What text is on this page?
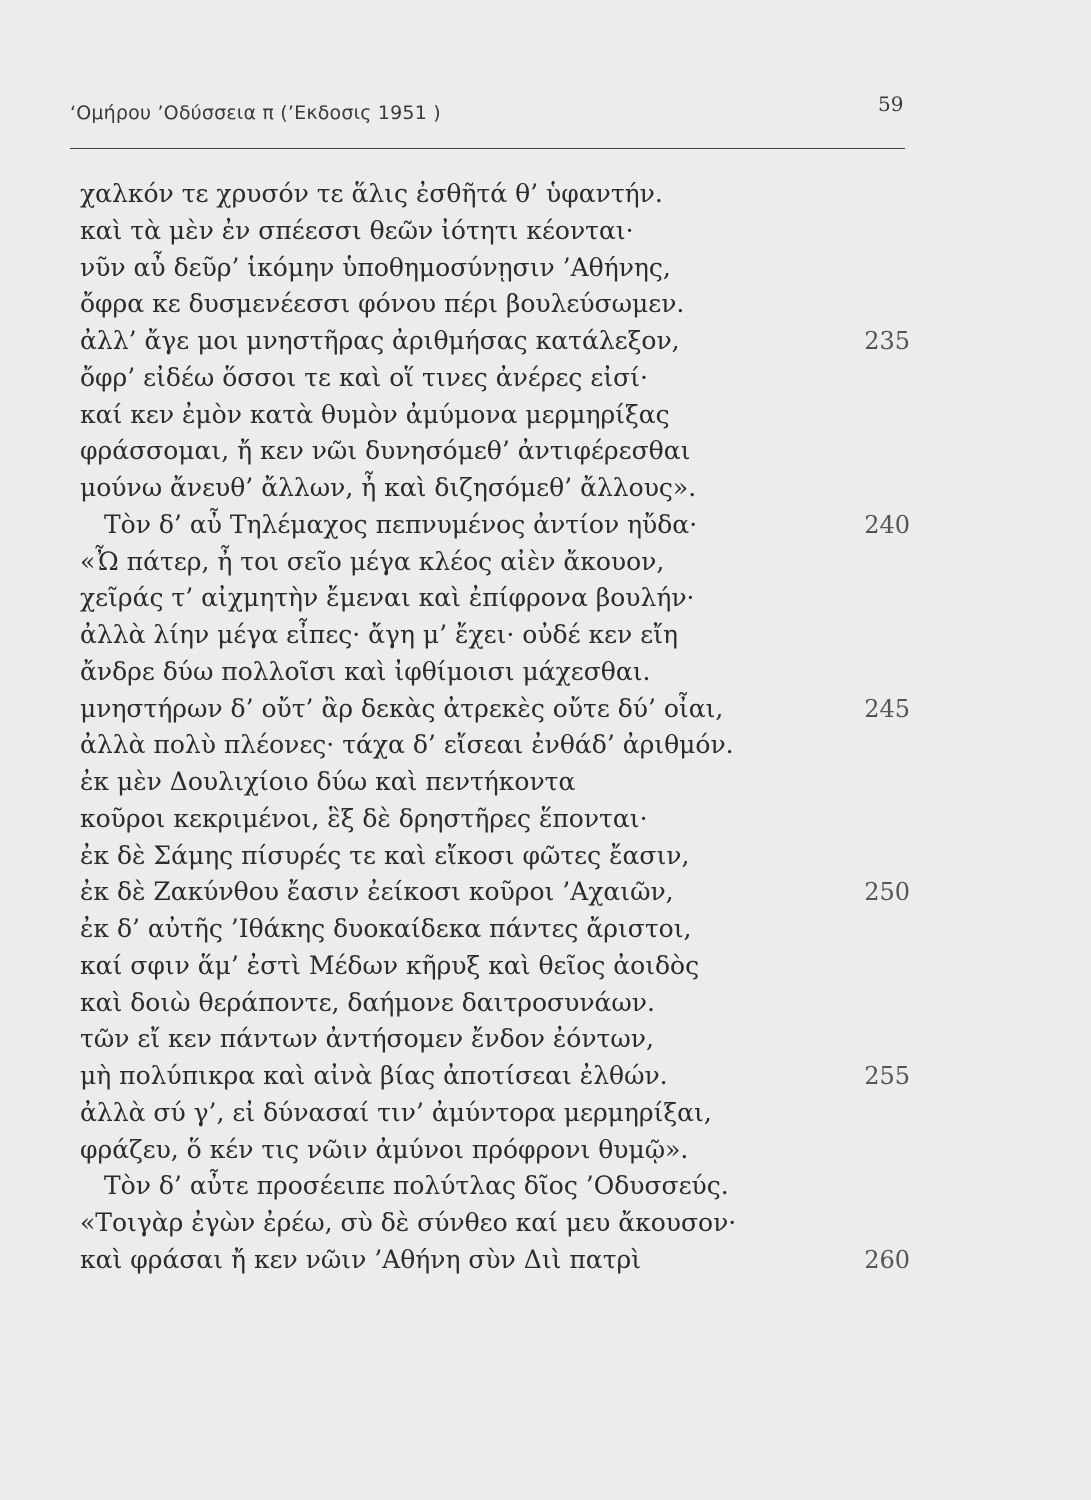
‘Ομήρου ’Οδύσσεια π (’Εκδοσις 1951 )	59
χαλκόν τε χρυσόν τε ἅλις ἐσθῆτά θ’ ὑφαντήν.
καὶ τὰ μὲν ἐν σπέεσσι θεῶν ἰότητι κέονται·
νῦν αὖ δεῦρ’ ἱκόμην ὑποθημοσύνῃσιν ’Αθήνης,
ὄφρα κε δυσμενέεσσι φόνου πέρι βουλεύσωμεν.
ἀλλ’ ἄγε μοι μνηστῆρας ἀριθμήσας κατάλεξον,
ὄφρ’ εἰδέω ὅσσοι τε καὶ οἵ τινες ἀνέρες εἰσί·
καί κεν ἐμὸν κατὰ θυμὸν ἀμύμονα μερμηρίξας
φράσσομαι, ἤ κεν νῶι δυνησόμεθ’ ἀντιφέρεσθαι
μούνω ἄνευθ’ ἄλλων, ἦ καὶ διζησόμεθ’ ἄλλους».
Τὸν δ’ αὖ Τηλέμαχος πεπνυμένος ἀντίον ηὔδα·
«Ὦ πάτερ, ἦ τοι σεῖο μέγα κλέος αἰὲν ἄκουον,
χεῖράς τ’ αἰχμητὴν ἔμεναι καὶ ἐπίφρονα βουλήν·
ἀλλὰ λίην μέγα εἶπες· ἄγη μ’ ἔχει· οὐδέ κεν εἴη
ἄνδρε δύω πολλοῖσι καὶ ἰφθίμοισι μάχεσθαι.
μνηστήρων δ’ οὔτ’ ἂρ δεκὰς ἀτρεκὲς οὔτε δύ’ οἶαι,
ἀλλὰ πολὺ πλέονες· τάχα δ’ εἴσεαι ἐνθάδ’ ἀριθμόν.
ἐκ μὲν Δουλιχίοιο δύω καὶ πεντήκοντα
κοῦροι κεκριμένοι, ἓξ δὲ δρηστῆρες ἕπονται·
ἐκ δὲ Σάμης πίσυρές τε καὶ εἴκοσι φῶτες ἔασιν,
ἐκ δὲ Ζακύνθου ἔασιν ἐείκοσι κοῦροι ’Αχαιῶν,
ἐκ δ’ αὐτῆς ’Ιθάκης δυοκαίδεκα πάντες ἄριστοι,
καί σφιν ἅμ’ ἐστὶ Μέδων κῆρυξ καὶ θεῖος ἀοιδὸς
καὶ δοιὼ θεράποντε, δαήμονε δαιτροσυνάων.
τῶν εἴ κεν πάντων ἀντήσομεν ἔνδον ἐόντων,
μὴ πολύπικρα καὶ αἰνὰ βίας ἀποτίσεαι ἐλθών.
ἀλλὰ σύ γ’, εἰ δύνασαί τιν’ ἀμύντορα μερμηρίξαι,
φράζευ, ὅ κέν τις νῶιν ἀμύνοι πρόφρονι θυμῷ».
Τὸν δ’ αὖτε προσέειπε πολύτλας δῖος ’Οδυσσεύς.
«Τοιγὰρ ἐγὼν ἐρέω, σὺ δὲ σύνθεο καί μευ ἄκουσον·
καὶ φράσαι ἤ κεν νῶιν ’Αθήνη σὺν Διὶ πατρὶ
235
240
245
250
255
260
